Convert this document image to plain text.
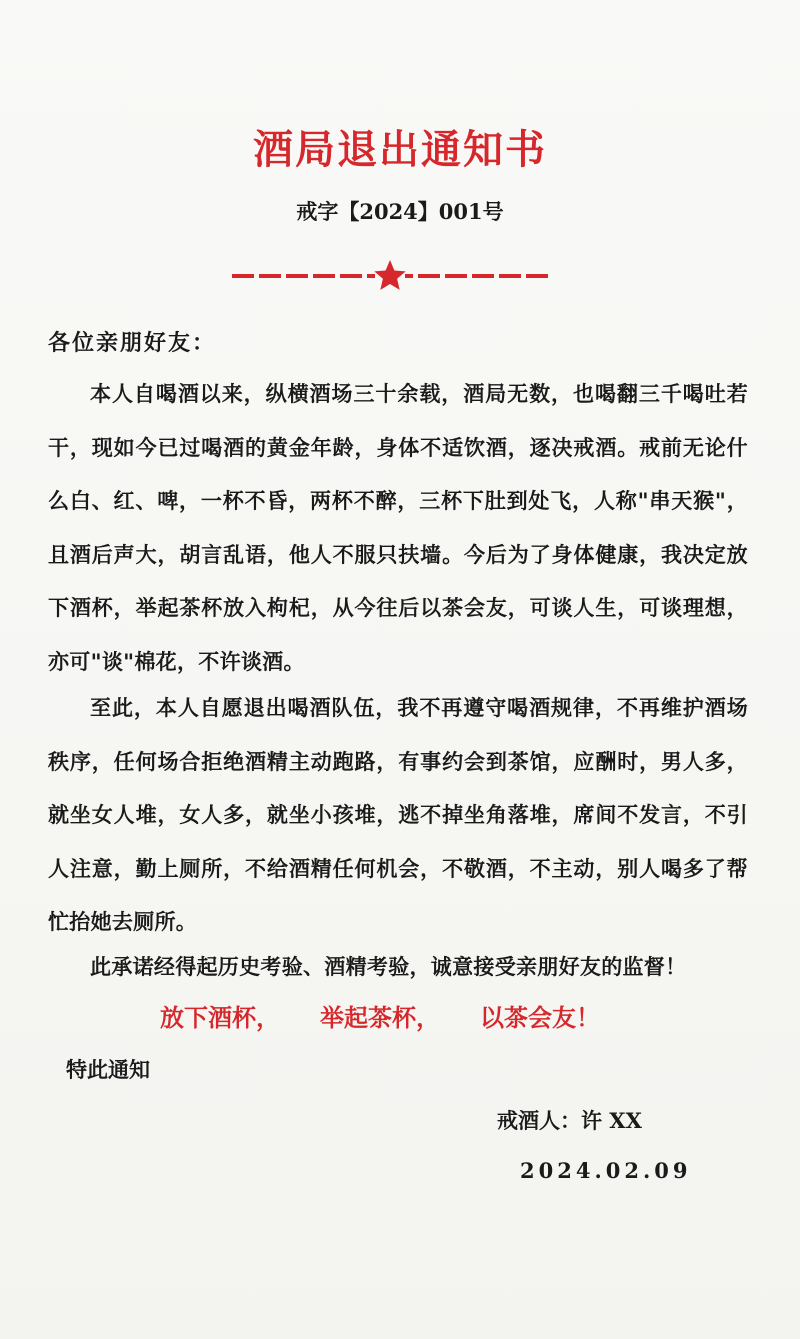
酒局退出通知书
戒字【2024】001号
各位亲朋好友：

本人自喝酒以来，纵横酒场三十余载，酒局无数，也喝翻三千喝吐若干，现如今已过喝酒的黄金年龄，身体不适饮酒，逐决戒酒。戒前无论什么白、红、啤，一杯不昏，两杯不醉，三杯下肚到处飞，人称"串天猴"，且酒后声大，胡言乱语，他人不服只扶墙。今后为了身体健康，我决定放下酒杯，举起茶杯放入枸杞，从今往后以茶会友，可谈人生，可谈理想，亦可"谈"棉花，不许谈酒。

至此，本人自愿退出喝酒队伍，我不再遵守喝酒规律，不再维护酒场秩序，任何场合拒绝酒精主动跑路，有事约会到茶馆，应酬时，男人多，就坐女人堆，女人多，就坐小孩堆，逃不掉坐角落堆，席间不发言，不引人注意，勤上厕所，不给酒精任何机会，不敬酒，不主动，别人喝多了帮忙抬她去厕所。

此承诺经得起历史考验、酒精考验，诚意接受亲朋好友的监督！

放下酒杯， 举起茶杯， 以茶会友！
特此通知
戒酒人：许 XX
2024.02.09
